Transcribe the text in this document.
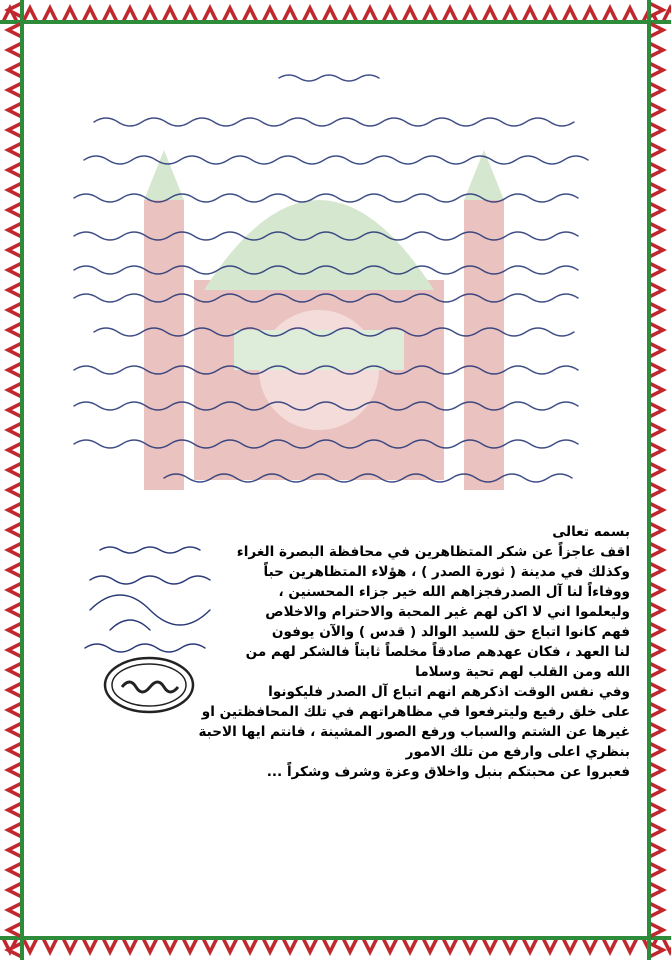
بسمه تعالى
اقف عاجزاً عن شكر المتظاهرين في محافظة البصرة الغراء
وكذلك في مدينة ( ثورة الصدر ) ، هؤلاء المتظاهرين حباً
ووفاءاً لنا آل الصدرفجزاهم الله خير جزاء المحسنين ،
وليعلموا اني لا اكن لهم غير المحبة والاحترام والاخلاص
فهم كانوا اتباع حق للسيد الوالد ( قدس ) والآن يوفون
لنا العهد ، فكان عهدهم صادقاً مخلصاً ثابتاً فالشكر لهم من
الله ومن القلب لهم تحية وسلاما
وفي نفس الوقت اذكرهم انهم اتباع آل الصدر فليكونوا
على خلق رفيع وليترفعوا في مظاهراتهم في تلك المحافظتين او
غيرها عن الشتم والسباب ورفع الصور المشينة ، فانتم ايها الاحبة
بنظري اعلى وارفع من تلك الامور
فعبروا عن محبتكم بنبل واخلاق وعزة وشرف وشكراً ...
